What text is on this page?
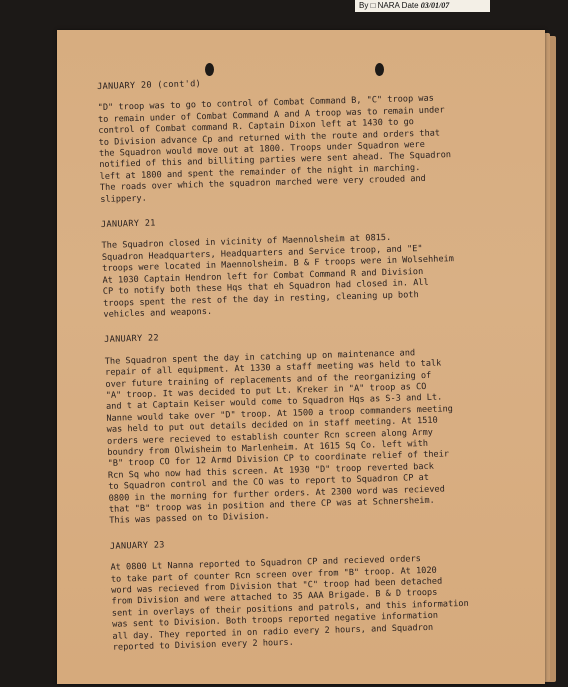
By □ NARA Date 03/01/07

JANUARY 20 (cont'd)

"D" troop was to go to control of Combat Command B, "C" troop was
to remain under of Combat Command A and A troop was to remain under
control of Combat command R. Captain Dixon left at 1430 to go
to Division advance Cp and returned with the route and orders that
the Squadron would move out at 1800. Troops under Squadron were
notified of this and billiting parties were sent ahead. The Squadron
left at 1800 and spent the remainder of the night in marching.
The roads over which the squadron marched were very crouded and
slippery.

JANUARY 21

The Squadron closed in vicinity of Maennolsheim at 0815.
Squadron Headquarters, Headquarters and Service troop, and "E"
troops were located in Maennolsheim. B & F troops were in Wolsehheim
At 1030 Captain Hendron left for Combat Command R and Division
CP to notify both these Hqs that eh Squadron had closed in. All
troops spent the rest of the day in resting, cleaning up both
vehicles and weapons.

JANUARY 22

The Squadron spent the day in catching up on maintenance and
repair of all equipment. At 1330 a staff meeting was held to talk
over future training of replacements and of the reorganizing of
"A" troop. It was decided to put Lt. Kreker in "A" troop as CO
and t at Captain Keiser would come to Squadron Hqs as S-3 and Lt.
Nanne would take over "D" troop. At 1500 a troop commanders meeting
was held to put out details decided on in staff meeting. At 1510
orders were recieved to establish counter Rcn screen along Army
boundry from Olwisheim to Marlenheim. At 1615 Sq Co. left with
"B" troop CO for 12 Armd Division CP to coordinate relief of their
Rcn Sq who now had this screen. At 1930 "D" troop reverted back
to Squadron control and the CO was to report to Squadron CP at
0800 in the morning for further orders. At 2300 word was recieved
that "B" troop was in position and there CP was at Schnersheim.
This was passed on to Division.

JANUARY 23

At 0800 Lt Nanna reported to Squadron CP and recieved orders
to take part of counter Rcn screen over from "B" troop. At 1020
word was recieved from Division that "C" troop had been detached
from Division and were attached to 35 AAA Brigade. B & D troops
sent in overlays of their positions and patrols, and this information
was sent to Division. Both troops reported negative information
all day. They reported in on radio every 2 hours, and Squadron
reported to Division every 2 hours.
